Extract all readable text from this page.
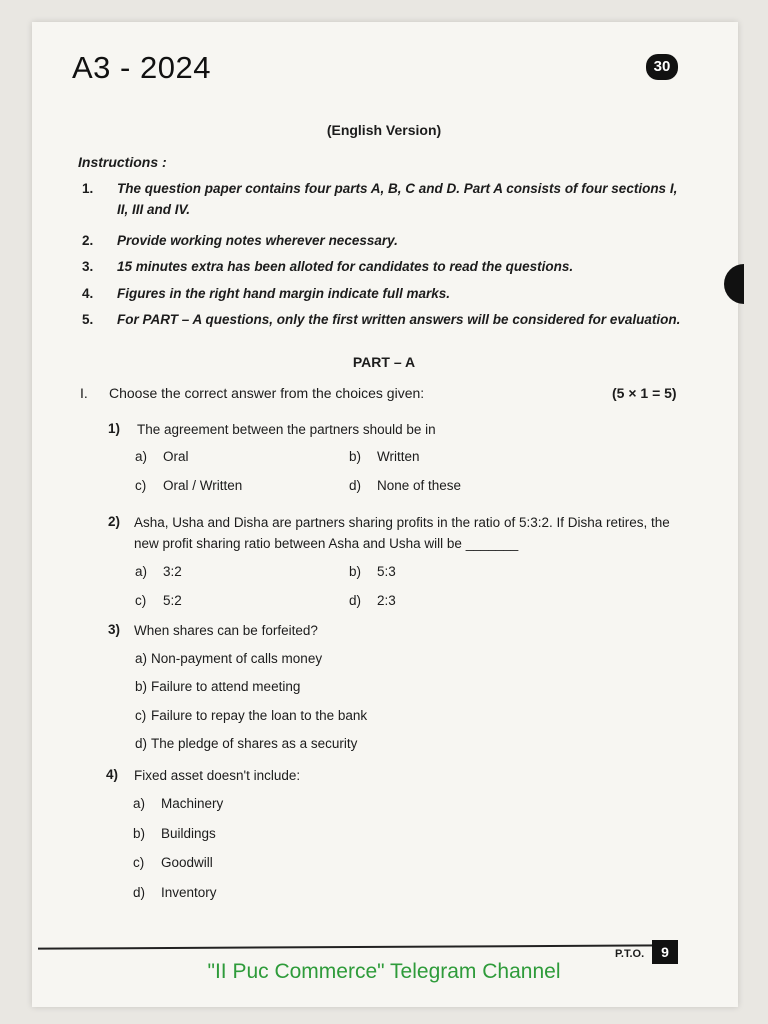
A3 - 2024	30
(English Version)
Instructions :
1. The question paper contains four parts A, B, C and D. Part A consists of four sections I, II, III and IV.
2. Provide working notes wherever necessary.
3. 15 minutes extra has been alloted for candidates to read the questions.
4. Figures in the right hand margin indicate full marks.
5. For PART – A questions, only the first written answers will be considered for evaluation.
PART – A
I. Choose the correct answer from the choices given:	(5 × 1 = 5)
1) The agreement between the partners should be in
a) Oral	b) Written
c) Oral / Written	d) None of these
2) Asha, Usha and Disha are partners sharing profits in the ratio of 5:3:2. If Disha retires, the new profit sharing ratio between Asha and Usha will be _______
a) 3:2	b) 5:3
c) 5:2	d) 2:3
3) When shares can be forfeited?
a) Non-payment of calls money
b) Failure to attend meeting
c) Failure to repay the loan to the bank
d) The pledge of shares as a security
4) Fixed asset doesn't include:
a) Machinery
b) Buildings
c) Goodwill
d) Inventory
P.T.O.	9
"II Puc Commerce" Telegram Channel
